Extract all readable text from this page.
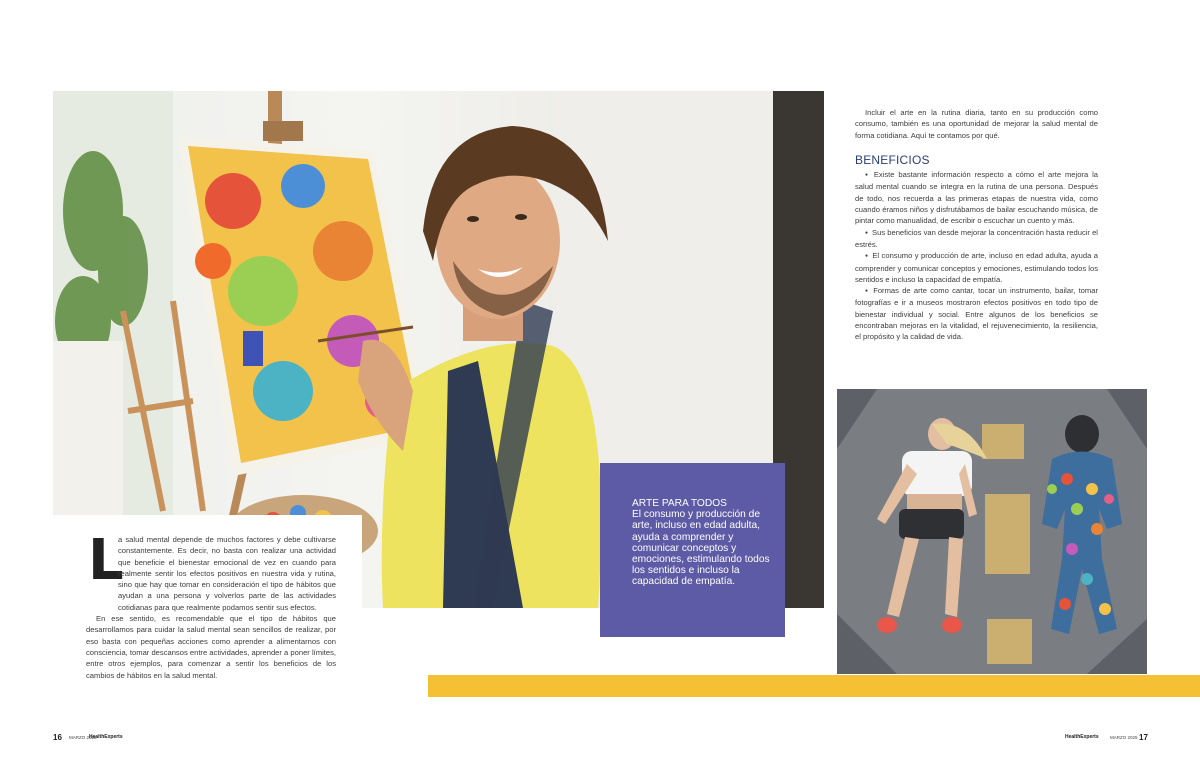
L

a salud mental depende de muchos factores y debe cultivarse constantemente. Es decir, no basta con realizar una actividad que beneficie el bienestar emocional de vez en cuando para realmente sentir los efectos positivos en nuestra vida y rutina, sino que hay que tomar en consideración el tipo de hábitos que ayudan a una persona y volverlos parte de las actividades cotidianas para que realmente podamos sentir sus efectos.

En ese sentido, es recomendable que el tipo de hábitos que desarrollamos para cuidar la salud mental sean sencillos de realizar, por eso basta con pequeñas acciones como aprender a alimentarnos con consciencia, tomar descansos entre actividades, aprender a poner límites, entre otros ejemplos, para comenzar a sentir los beneficios de los cambios de hábitos en la salud mental.

ARTE PARA TODOS
El consumo y producción de arte, incluso en edad adulta, ayuda a comprender y comunicar conceptos y emociones, estimulando todos los sentidos e incluso la capacidad de empatía.

Incluir el arte en la rutina diaria, tanto en su producción como consumo, también es una oportunidad de mejorar la salud mental de forma cotidiana. Aquí te contamos por qué.

BENEFICIOS

● Existe bastante información respecto a cómo el arte mejora la salud mental cuando se integra en la rutina de una persona. Después de todo, nos recuerda a las primeras etapas de nuestra vida, como cuando éramos niños y disfrutábamos de bailar escuchando música, de pintar como manualidad, de escribir o escuchar un cuento y más.

● Sus beneficios van desde mejorar la concentración hasta reducir el estrés.

● El consumo y producción de arte, incluso en edad adulta, ayuda a comprender y comunicar conceptos y emociones, estimulando todos los sentidos e incluso la capacidad de empatía.

● Formas de arte como cantar, tocar un instrumento, bailar, tomar fotografías e ir a museos mostraron efectos positivos en todo tipo de bienestar individual y social. Entre algunos de los beneficios se encontraban mejoras en la vitalidad, el rejuvenecimiento, la resiliencia, el propósito y la calidad de vida.

16 MARZO 2025
HealthExperts	HealthExperts	MARZO 2025 17
